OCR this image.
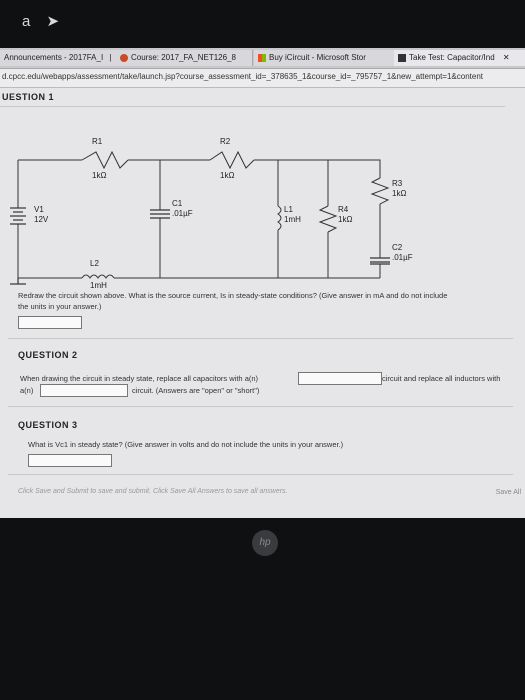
a ➤
Announcements - 2017FA_I |	Course: 2017_FA_NET126_8	Buy iCircuit - Microsoft Stor	Take Test: Capacitor/Ind ✕
d.cpcc.edu/webapps/assessment/take/launch.jsp?course_assessment_id=_378635_1&course_id=_795757_1&new_attempt=1&content
UESTION 1
R1
1kΩ
R2
1kΩ
R3
1kΩ
V1
12V
C1
.01µF	L1
1mH
R4
1kΩ
C2
.01µF
L2
1mH
Redraw the circuit shown above. What is the source current, Is in steady-state conditions? (Give answer in mA and do not include
the units in your answer.)
QUESTION 2
When drawing the circuit in steady state, replace all capacitors with a(n)	circuit and replace all inductors with
a(n)	circuit. (Answers are "open" or "short")
QUESTION 3
What is Vc1 in steady state? (Give answer in volts and do not include the units in your answer.)
Click Save and Submit to save and submit. Click Save All Answers to save all answers.	Save All
hp
